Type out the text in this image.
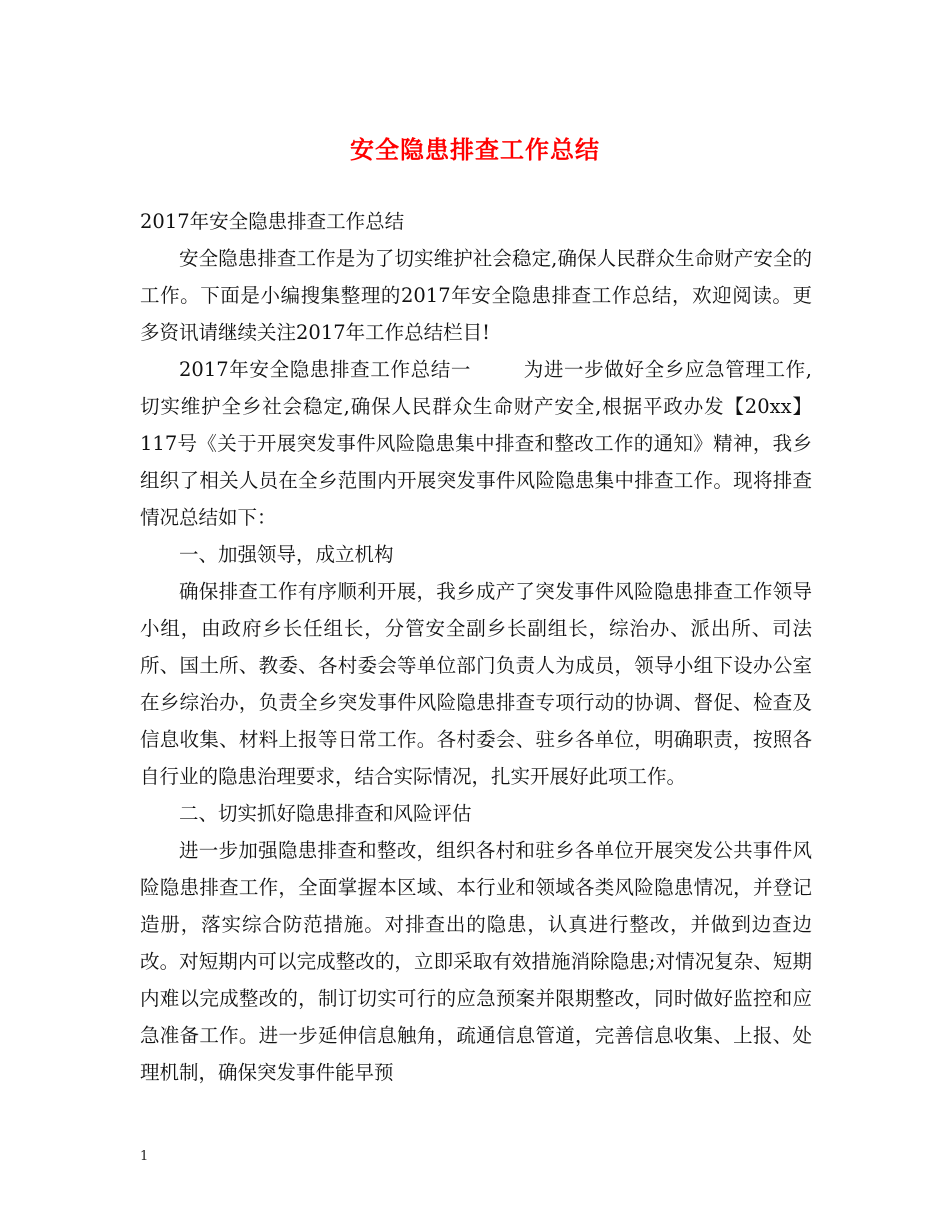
安全隐患排查工作总结

2017年安全隐患排查工作总结

安全隐患排查工作是为了切实维护社会稳定,确保人民群众生命财产安全的工作。下面是小编搜集整理的2017年安全隐患排查工作总结，欢迎阅读。更多资讯请继续关注2017年工作总结栏目!

2017年安全隐患排查工作总结一	为进一步做好全乡应急管理工作,切实维护全乡社会稳定,确保人民群众生命财产安全,根据平政办发【20xx】117号《关于开展突发事件风险隐患集中排查和整改工作的通知》精神，我乡组织了相关人员在全乡范围内开展突发事件风险隐患集中排查工作。现将排查情况总结如下：

一、加强领导，成立机构

确保排查工作有序顺利开展，我乡成产了突发事件风险隐患排查工作领导小组，由政府乡长任组长，分管安全副乡长副组长，综治办、派出所、司法所、国土所、教委、各村委会等单位部门负责人为成员，领导小组下设办公室在乡综治办，负责全乡突发事件风险隐患排查专项行动的协调、督促、检查及信息收集、材料上报等日常工作。各村委会、驻乡各单位，明确职责，按照各自行业的隐患治理要求，结合实际情况，扎实开展好此项工作。

二、切实抓好隐患排查和风险评估

进一步加强隐患排查和整改，组织各村和驻乡各单位开展突发公共事件风险隐患排查工作，全面掌握本区域、本行业和领域各类风险隐患情况，并登记造册，落实综合防范措施。对排查出的隐患，认真进行整改，并做到边查边改。对短期内可以完成整改的，立即采取有效措施消除隐患;对情况复杂、短期内难以完成整改的，制订切实可行的应急预案并限期整改，同时做好监控和应急准备工作。进一步延伸信息触角，疏通信息管道，完善信息收集、上报、处理机制，确保突发事件能早预

1
